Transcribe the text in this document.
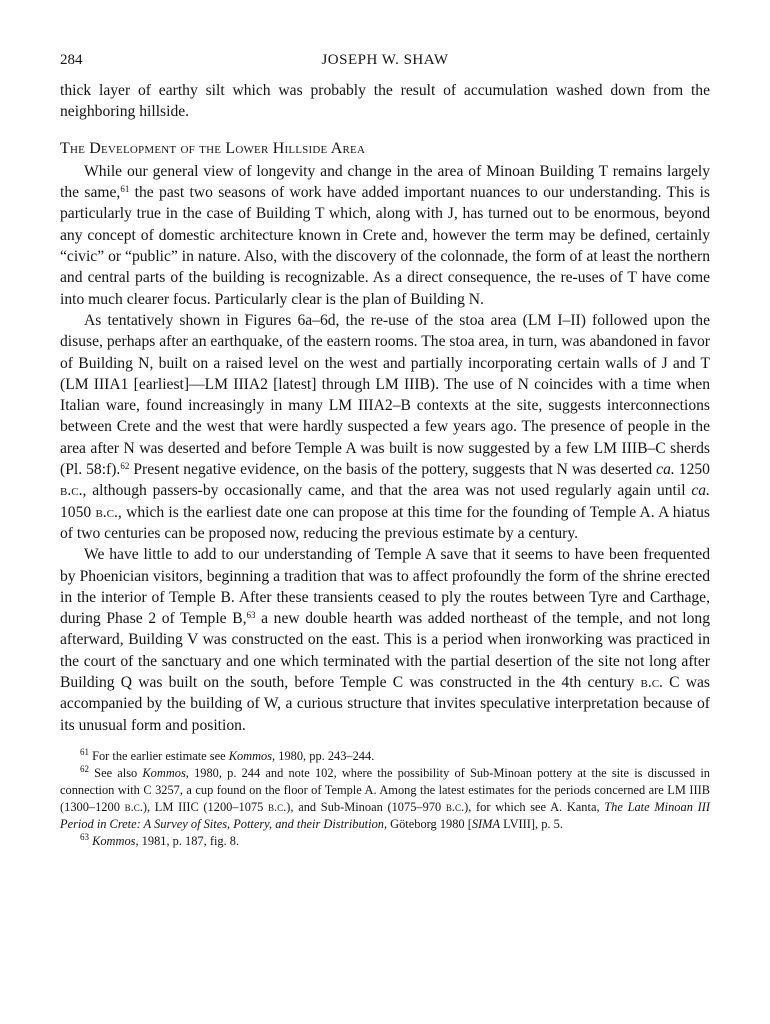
284	JOSEPH W. SHAW

thick layer of earthy silt which was probably the result of accumulation washed down from the neighboring hillside.

The Development of the Lower Hillside Area

While our general view of longevity and change in the area of Minoan Building T remains largely the same,$^{61}$ the past two seasons of work have added important nuances to our understanding. This is particularly true in the case of Building T which, along with J, has turned out to be enormous, beyond any concept of domestic architecture known in Crete and, however the term may be defined, certainly “civic” or “public” in nature. Also, with the discovery of the colonnade, the form of at least the northern and central parts of the building is recognizable. As a direct consequence, the re-uses of T have come into much clearer focus. Particularly clear is the plan of Building N.

As tentatively shown in Figures 6a–6d, the re-use of the stoa area (LM I–II) followed upon the disuse, perhaps after an earthquake, of the eastern rooms. The stoa area, in turn, was abandoned in favor of Building N, built on a raised level on the west and partially incorporating certain walls of J and T (LM IIIA1 [earliest]—LM IIIA2 [latest] through LM IIIB). The use of N coincides with a time when Italian ware, found increasingly in many LM IIIA2–B contexts at the site, suggests interconnections between Crete and the west that were hardly suspected a few years ago. The presence of people in the area after N was deserted and before Temple A was built is now suggested by a few LM IIIB–C sherds (Pl. 58:f).$^{62}$ Present negative evidence, on the basis of the pottery, suggests that N was deserted ca. 1250 b.c., although passers-by occasionally came, and that the area was not used regularly again until ca. 1050 b.c., which is the earliest date one can propose at this time for the founding of Temple A. A hiatus of two centuries can be proposed now, reducing the previous estimate by a century.

We have little to add to our understanding of Temple A save that it seems to have been frequented by Phoenician visitors, beginning a tradition that was to affect profoundly the form of the shrine erected in the interior of Temple B. After these transients ceased to ply the routes between Tyre and Carthage, during Phase 2 of Temple B,$^{63}$ a new double hearth was added northeast of the temple, and not long afterward, Building V was constructed on the east. This is a period when ironworking was practiced in the court of the sanctuary and one which terminated with the partial desertion of the site not long after Building Q was built on the south, before Temple C was constructed in the 4th century b.c. C was accompanied by the building of W, a curious structure that invites speculative interpretation because of its unusual form and position.

$^{61}$ For the earlier estimate see Kommos, 1980, pp. 243–244.

$^{62}$ See also Kommos, 1980, p. 244 and note 102, where the possibility of Sub-Minoan pottery at the site is discussed in connection with C 3257, a cup found on the floor of Temple A. Among the latest estimates for the periods concerned are LM IIIB (1300–1200 b.c.), LM IIIC (1200–1075 b.c.), and Sub-Minoan (1075–970 b.c.), for which see A. Kanta, The Late Minoan III Period in Crete: A Survey of Sites, Pottery, and their Distribution, Göteborg 1980 [SIMA LVIII], p. 5.

$^{63}$ Kommos, 1981, p. 187, fig. 8.
